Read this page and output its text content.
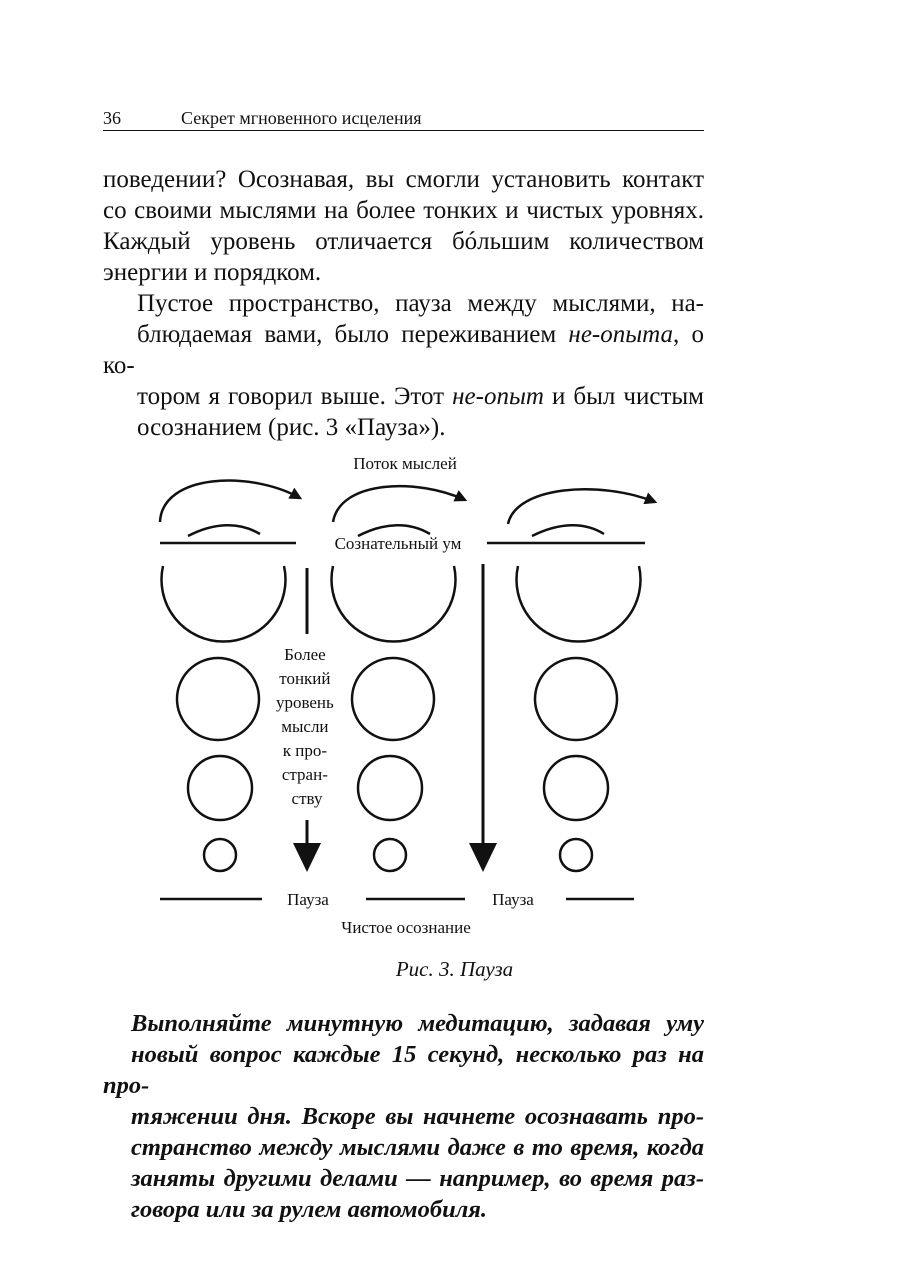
36	Секрет мгновенного исцеления

поведении? Осознавая, вы смогли установить контакт
со своими мыслями на более тонких и чистых уровнях.
Каждый уровень отличается бóльшим количеством
энергии и порядком.

Пустое пространство, пауза между мыслями, на-
блюдаемая вами, было переживанием не-опыта, о ко-
тором я говорил выше. Этот не-опыт и был чистым
осознанием (рис. 3 «Пауза»).

Поток мыслей
Сознательный ум
Более тонкий уровень мысли к про- стран- ству
Пауза	Пауза
Чистое осознание
Рис. 3. Пауза

Выполняйте минутную медитацию, задавая уму
новый вопрос каждые 15 секунд, несколько раз на про-
тяжении дня. Вскоре вы начнете осознавать про-
странство между мыслями даже в то время, когда
заняты другими делами — например, во время раз-
говора или за рулем автомобиля.
